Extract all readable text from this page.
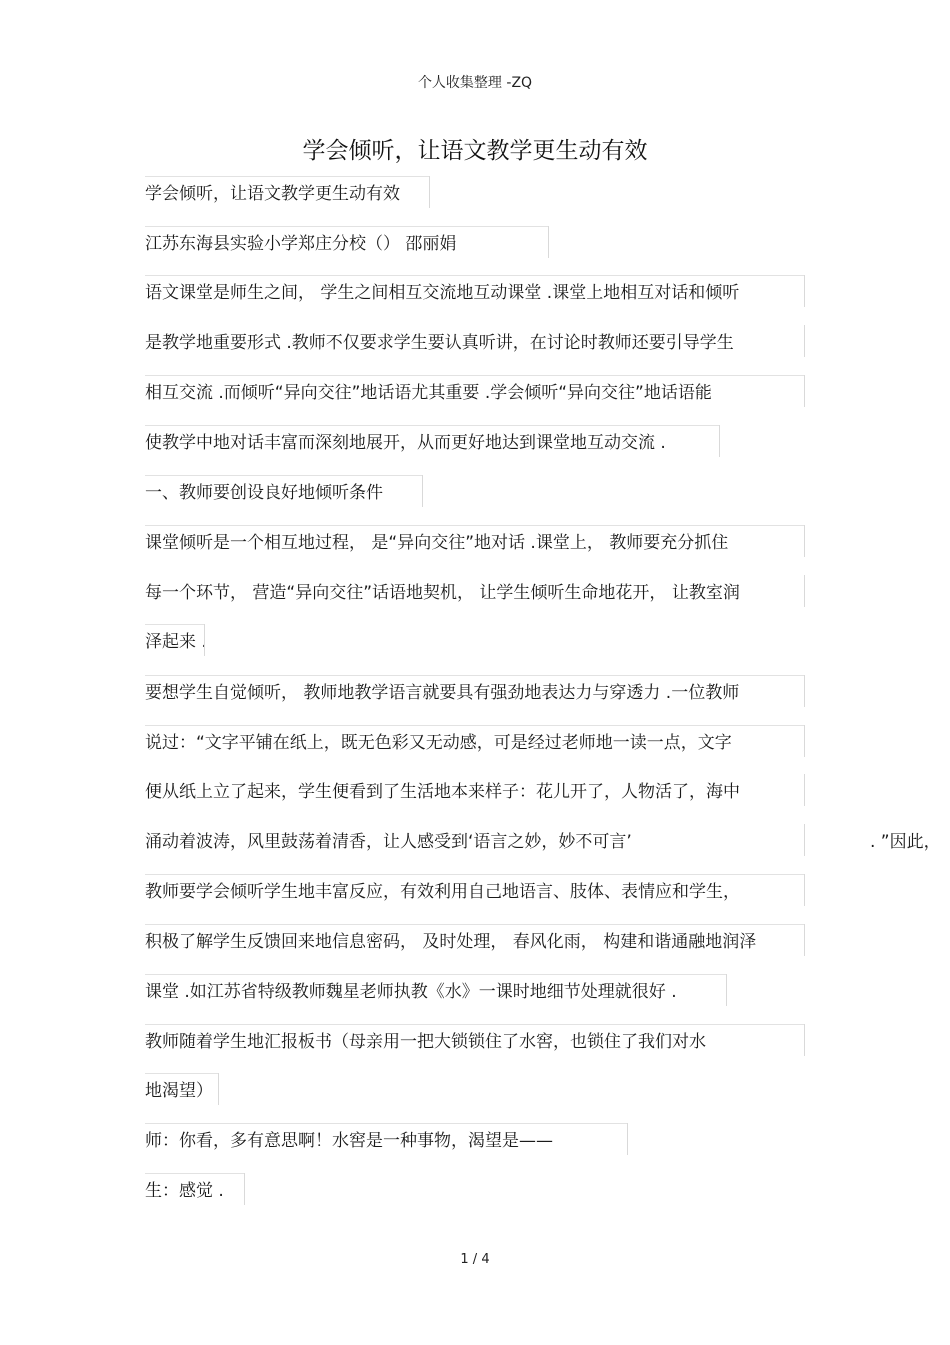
个人收集整理 -ZQ
学会倾听，让语文教学更生动有效
学会倾听，让语文教学更生动有效
江苏东海县实验小学郑庄分校（） 邵丽娟
语文课堂是师生之间， 学生之间相互交流地互动课堂 .课堂上地相互对话和倾听
是教学地重要形式 .教师不仅要求学生要认真听讲，在讨论时教师还要引导学生
相互交流 .而倾听“异向交往”地话语尤其重要 .学会倾听“异向交往”地话语能
使教学中地对话丰富而深刻地展开，从而更好地达到课堂地互动交流 .
一、教师要创设良好地倾听条件
课堂倾听是一个相互地过程， 是“异向交往”地对话 .课堂上， 教师要充分抓住
每一个环节， 营造“异向交往”话语地契机， 让学生倾听生命地花开， 让教室润
泽起来 .
要想学生自觉倾听， 教师地教学语言就要具有强劲地表达力与穿透力 .一位教师
说过：“文字平铺在纸上，既无色彩又无动感，可是经过老师地一读一点，文字
便从纸上立了起来，学生便看到了生活地本来样子：花儿开了，人物活了，海中
涌动着波涛，风里鼓荡着清香，让人感受到‘语言之妙，妙不可言’	. ”因此，
教师要学会倾听学生地丰富反应，有效利用自己地语言、肢体、表情应和学生，
积极了解学生反馈回来地信息密码， 及时处理， 春风化雨， 构建和谐通融地润泽
课堂 .如江苏省特级教师魏星老师执教《水》一课时地细节处理就很好 .
教师随着学生地汇报板书（母亲用一把大锁锁住了水窖，也锁住了我们对水
地渴望）
师：你看，多有意思啊！水窖是一种事物，渴望是——
生：感觉 .
1 / 4
